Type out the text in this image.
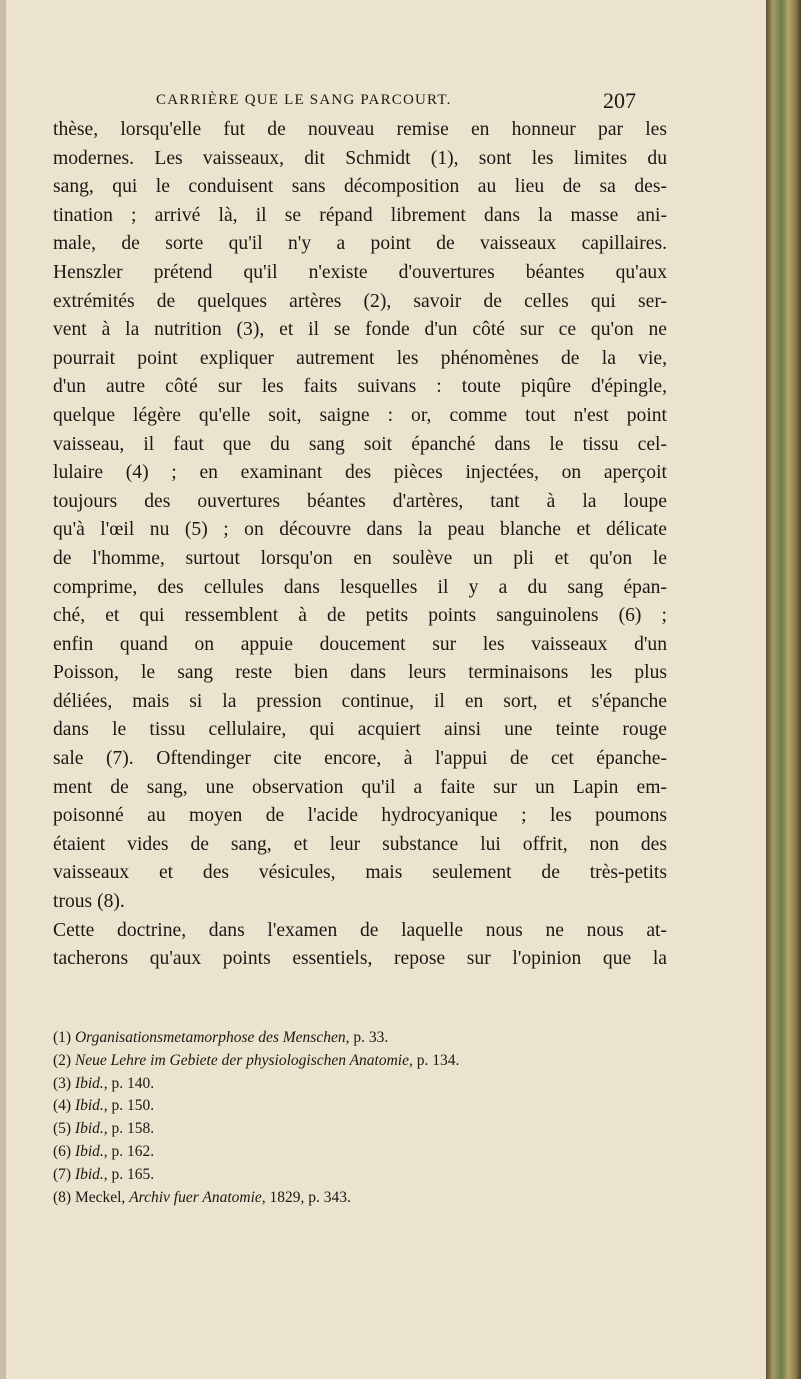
CARRIÈRE QUE LE SANG PARCOURT.	207
thèse, lorsqu'elle fut de nouveau remise en honneur par les
modernes. Les vaisseaux, dit Schmidt (1), sont les limites du
sang, qui le conduisent sans décomposition au lieu de sa des-
tination ; arrivé là, il se répand librement dans la masse ani-
male, de sorte qu'il n'y a point de vaisseaux capillaires.
Henszler prétend qu'il n'existe d'ouvertures béantes qu'aux
extrémités de quelques artères (2), savoir de celles qui ser-
vent à la nutrition (3), et il se fonde d'un côté sur ce qu'on ne
pourrait point expliquer autrement les phénomènes de la vie,
d'un autre côté sur les faits suivans : toute piqûre d'épingle,
quelque légère qu'elle soit, saigne : or, comme tout n'est point
vaisseau, il faut que du sang soit épanché dans le tissu cel-
lulaire (4) ; en examinant des pièces injectées, on aperçoit
toujours des ouvertures béantes d'artères, tant à la loupe
qu'à l'œil nu (5) ; on découvre dans la peau blanche et délicate
de l'homme, surtout lorsqu'on en soulève un pli et qu'on le
comprime, des cellules dans lesquelles il y a du sang épan-
ché, et qui ressemblent à de petits points sanguinolens (6) ;
enfin quand on appuie doucement sur les vaisseaux d'un
Poisson, le sang reste bien dans leurs terminaisons les plus
déliées, mais si la pression continue, il en sort, et s'épanche
dans le tissu cellulaire, qui acquiert ainsi une teinte rouge
sale (7). Oftendinger cite encore, à l'appui de cet épanche-
ment de sang, une observation qu'il a faite sur un Lapin em-
poisonné au moyen de l'acide hydrocyanique ; les poumons
étaient vides de sang, et leur substance lui offrit, non des
vaisseaux et des vésicules, mais seulement de très-petits
trous (8).
Cette doctrine, dans l'examen de laquelle nous ne nous at-
tacherons qu'aux points essentiels, repose sur l'opinion que la
(1) Organisationsmetamorphose des Menschen, p. 33.
(2) Neue Lehre im Gebiete der physiologischen Anatomie, p. 134.
(3) Ibid., p. 140.
(4) Ibid., p. 150.
(5) Ibid., p. 158.
(6) Ibid., p. 162.
(7) Ibid., p. 165.
(8) Meckel, Archiv fuer Anatomie, 1829, p. 343.
